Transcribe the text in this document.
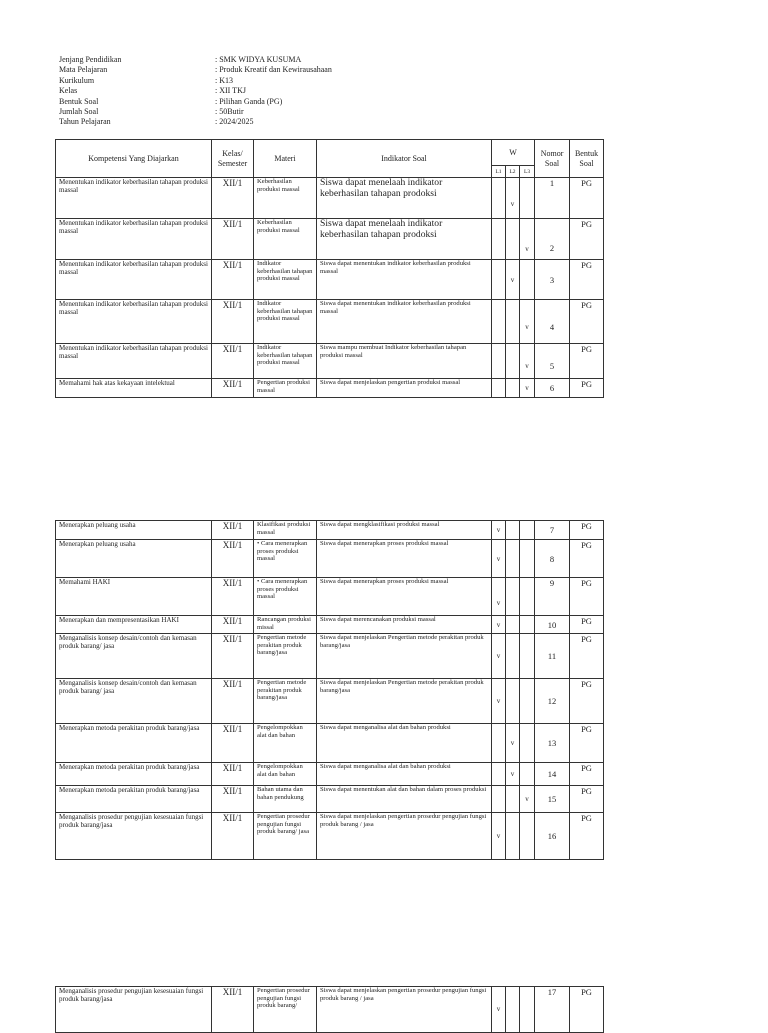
Jenjang Pendidikan	: SMK WIDYA KUSUMA
Mata Pelajaran	: Produk Kreatif dan Kewirausahaan
Kurikulum	: K13
Kelas	: XII TKJ
Bentuk Soal	: Pilihan Ganda (PG)
Jumlah Soal	: 50Butir
Tahun Pelajaran	: 2024/2025
Kompetensi Yang Diajarkan	Kelas/ Semester	Materi	Indikator Soal	W			Nomor Soal	Bentuk Soal
				L1	L2	L3		
Menentukan indikator keberhasilan tahapan produksi massal	XII/1	Keberhasilan produksi massal	Siswa dapat menelaah indikator keberhasilan tahapan prodoksi		v		1	PG
Menentukan indikator keberhasilan tahapan produksi massal	XII/1	Keberhasilan produksi massal	Siswa dapat menelaah indikator keberhasilan tahapan prodoksi			v	2	PG
Menentukan indikator keberhasilan tahapan produksi massal	XII/1	Indikator keberhasilan tahapan produksi massal	Siswa dapat menentukan indikator keberhasilan produksi massal		v		3	PG
Menentukan indikator keberhasilan tahapan produksi massal	XII/1	Indikator keberhasilan tahapan produksi massal	Siswa dapat menentukan indikator keberhasilan produksi massal			v	4	PG
Menentukan indikator keberhasilan tahapan produksi massal	XII/1	Indikator keberhasilan tahapan produksi massal	Siswa mampu membuat Indikator keberhasilan tahapan produksi massal			v	5	PG
Memahami hak atas kekayaan intelektual	XII/1	Pengertian produksi massal	Siswa dapat menjelaskan pengertian produksi massal			v	6	PG
Menerapkan peluang usaha	XII/1	Klasifikasi produksi massal	Siswa dapat mengklasifikasi produksi massal	v			7	PG
Menerapkan peluang usaha	XII/1	• Cara menerapkan proses produksi massal	Siswa dapat menerapkan proses produksi massal	v			8	PG
Memahami HAKI	XII/1	• Cara menerapkan proses produksi massal	Siswa dapat menerapkan proses produksi massal	v			9	PG
Menerapkan dan mempresentasikan HAKI	XII/1	Rancangan produksi missal	Siswa dapat merencanakan produksi massal	v			10	PG
Menganalisis konsep desain/contoh dan kemasan produk barang/ jasa	XII/1	Pengertian metode perakitan produk barang/jasa	Siswa dapat menjelaskan Pengertian metode perakitan produk barang/jasa	v			11	PG
Menganalisis konsep desain/contoh dan kemasan produk barang/ jasa	XII/1	Pengertian metode perakitan produk barang/jasa	Siswa dapat menjelaskan Pengertian metode perakitan produk barang/jasa	v			12	PG
Menerapkan metoda perakitan produk barang/jasa	XII/1	Pengelompokkan alat dan bahan	Siswa dapat menganalisa alat dan bahan produksi		v		13	PG
Menerapkan metoda perakitan produk barang/jasa	XII/1	Pengelompokkan alat dan bahan	Siswa dapat menganalisa alat dan bahan produksi		v		14	PG
Menerapkan metoda perakitan produk barang/jasa	XII/1	Bahan utama dan bahan pendukung	Siswa dapat menentukan alat dan bahan dalam proses produksi			v	15	PG
Menganalisis prosedur pengujian kesesuaian fungsi produk barang/jasa	XII/1	Pengertian prosedur pengujian fungsi produk barang/ jasa	Siswa dapat menjelaskan pengertian prosedur pengujian fungsi produk barang / jasa	v			16	PG
Menganalisis prosedur pengujian kesesuaian fungsi produk barang/jasa	XII/1	Pengertian prosedur pengujian fungsi produk barang/	Siswa dapat menjelaskan pengertian prosedur pengujian fungsi produk barang / jasa	v			17	PG
